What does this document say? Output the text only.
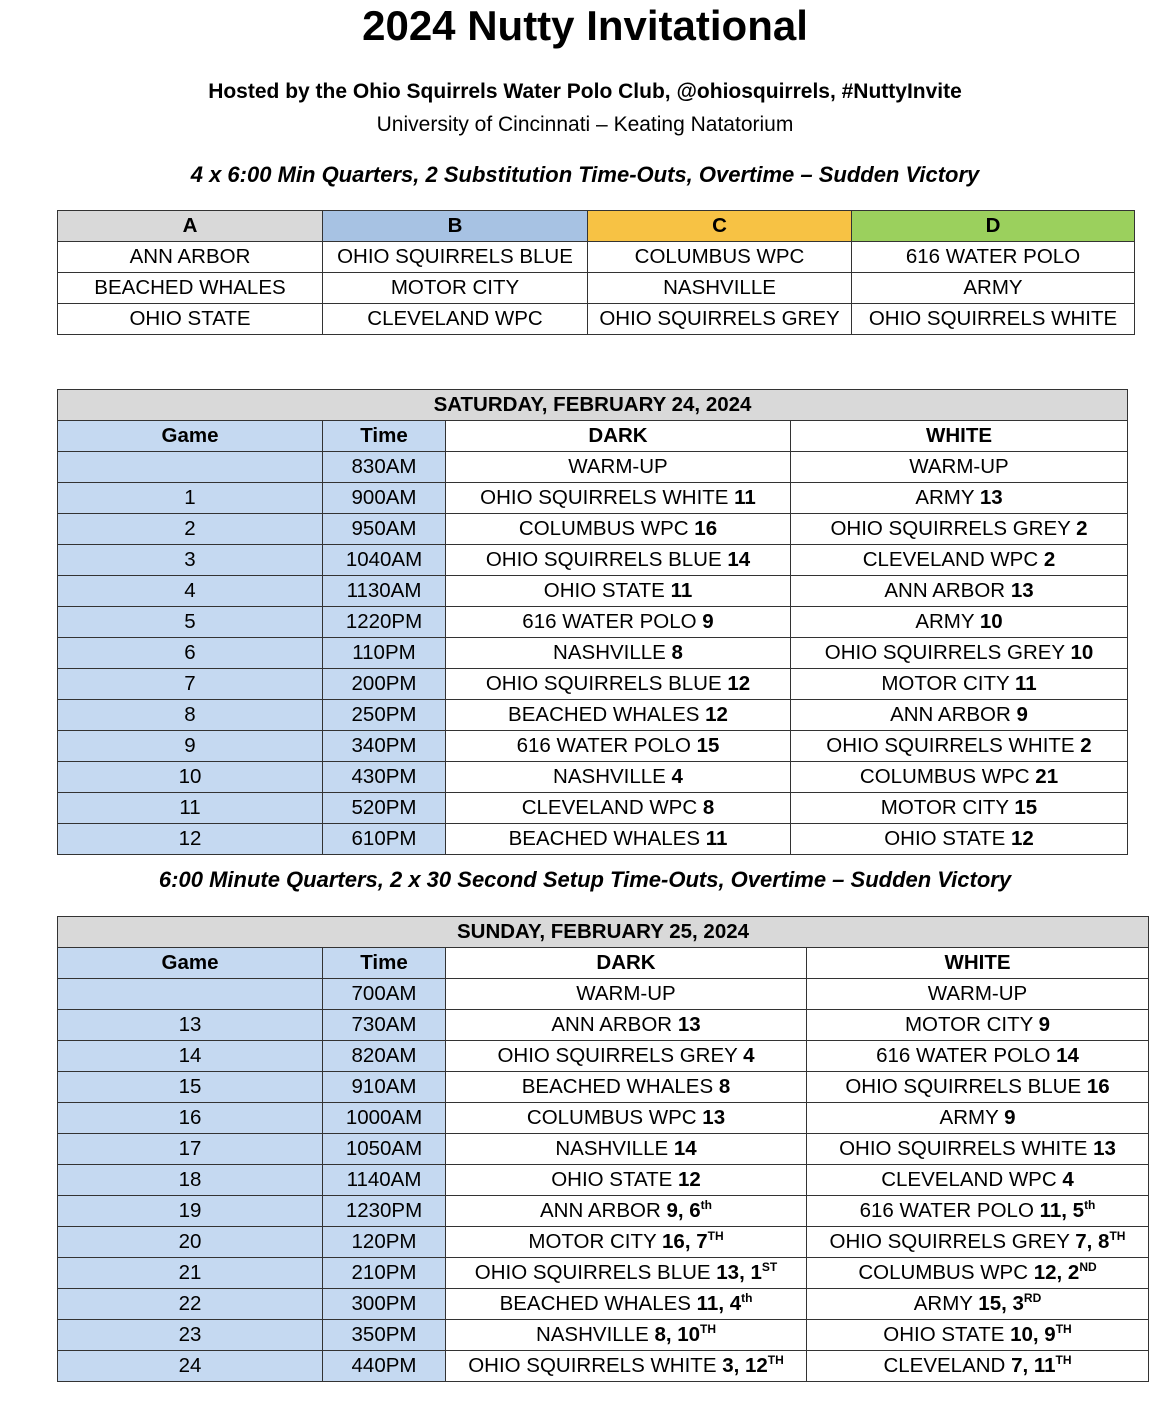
2024 Nutty Invitational
Hosted by the Ohio Squirrels Water Polo Club, @ohiosquirrels, #NuttyInvite
University of Cincinnati – Keating Natatorium
4 x 6:00 Min Quarters, 2 Substitution Time-Outs, Overtime – Sudden Victory
A	B	C	D
ANN ARBOR	OHIO SQUIRRELS BLUE	COLUMBUS WPC	616 WATER POLO
BEACHED WHALES	MOTOR CITY	NASHVILLE	ARMY
OHIO STATE	CLEVELAND WPC	OHIO SQUIRRELS GREY	OHIO SQUIRRELS WHITE
SATURDAY, FEBRUARY 24, 2024			
Game	Time	DARK	WHITE
	830AM	WARM-UP	WARM-UP
1	900AM	OHIO SQUIRRELS WHITE 11	ARMY 13
2	950AM	COLUMBUS WPC 16	OHIO SQUIRRELS GREY 2
3	1040AM	OHIO SQUIRRELS BLUE 14	CLEVELAND WPC 2
4	1130AM	OHIO STATE 11	ANN ARBOR 13
5	1220PM	616 WATER POLO 9	ARMY 10
6	110PM	NASHVILLE 8	OHIO SQUIRRELS GREY 10
7	200PM	OHIO SQUIRRELS BLUE 12	MOTOR CITY 11
8	250PM	BEACHED WHALES 12	ANN ARBOR 9
9	340PM	616 WATER POLO 15	OHIO SQUIRRELS WHITE 2
10	430PM	NASHVILLE 4	COLUMBUS WPC 21
11	520PM	CLEVELAND WPC 8	MOTOR CITY 15
12	610PM	BEACHED WHALES 11	OHIO STATE 12
6:00 Minute Quarters, 2 x 30 Second Setup Time-Outs, Overtime – Sudden Victory
SUNDAY, FEBRUARY 25, 2024			
Game	Time	DARK	WHITE
	700AM	WARM-UP	WARM-UP
13	730AM	ANN ARBOR 13	MOTOR CITY 9
14	820AM	OHIO SQUIRRELS GREY 4	616 WATER POLO 14
15	910AM	BEACHED WHALES 8	OHIO SQUIRRELS BLUE 16
16	1000AM	COLUMBUS WPC 13	ARMY 9
17	1050AM	NASHVILLE 14	OHIO SQUIRRELS WHITE 13
18	1140AM	OHIO STATE 12	CLEVELAND WPC 4
19	1230PM	ANN ARBOR 9, 6th	616 WATER POLO 11, 5th
20	120PM	MOTOR CITY 16, 7TH	OHIO SQUIRRELS GREY 7, 8TH
21	210PM	OHIO SQUIRRELS BLUE 13, 1ST	COLUMBUS WPC 12, 2ND
22	300PM	BEACHED WHALES 11, 4th	ARMY 15, 3RD
23	350PM	NASHVILLE 8, 10TH	OHIO STATE 10, 9TH
24	440PM	OHIO SQUIRRELS WHITE 3, 12TH	CLEVELAND 7, 11TH
